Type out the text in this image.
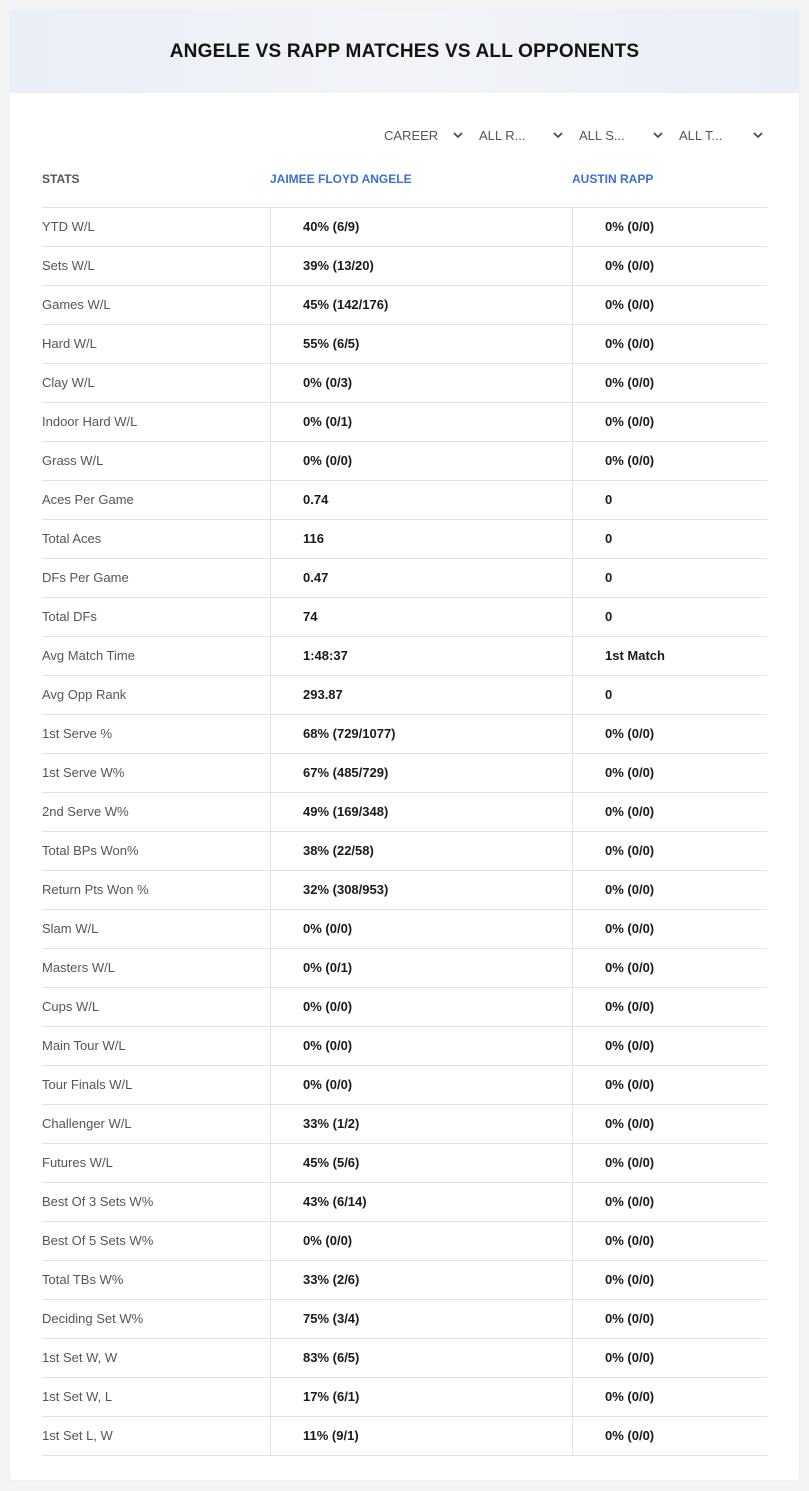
ANGELE VS RAPP MATCHES VS ALL OPPONENTS
CAREER	ALL R...	ALL S...	ALL T...
STATS	JAIMEE FLOYD ANGELE	AUSTIN RAPP
YTD W/L	40% (6/9)	0% (0/0)
Sets W/L	39% (13/20)	0% (0/0)
Games W/L	45% (142/176)	0% (0/0)
Hard W/L	55% (6/5)	0% (0/0)
Clay W/L	0% (0/3)	0% (0/0)
Indoor Hard W/L	0% (0/1)	0% (0/0)
Grass W/L	0% (0/0)	0% (0/0)
Aces Per Game	0.74	0
Total Aces	116	0
DFs Per Game	0.47	0
Total DFs	74	0
Avg Match Time	1:48:37	1st Match
Avg Opp Rank	293.87	0
1st Serve %	68% (729/1077)	0% (0/0)
1st Serve W%	67% (485/729)	0% (0/0)
2nd Serve W%	49% (169/348)	0% (0/0)
Total BPs Won%	38% (22/58)	0% (0/0)
Return Pts Won %	32% (308/953)	0% (0/0)
Slam W/L	0% (0/0)	0% (0/0)
Masters W/L	0% (0/1)	0% (0/0)
Cups W/L	0% (0/0)	0% (0/0)
Main Tour W/L	0% (0/0)	0% (0/0)
Tour Finals W/L	0% (0/0)	0% (0/0)
Challenger W/L	33% (1/2)	0% (0/0)
Futures W/L	45% (5/6)	0% (0/0)
Best Of 3 Sets W%	43% (6/14)	0% (0/0)
Best Of 5 Sets W%	0% (0/0)	0% (0/0)
Total TBs W%	33% (2/6)	0% (0/0)
Deciding Set W%	75% (3/4)	0% (0/0)
1st Set W, W	83% (6/5)	0% (0/0)
1st Set W, L	17% (6/1)	0% (0/0)
1st Set L, W	11% (9/1)	0% (0/0)
